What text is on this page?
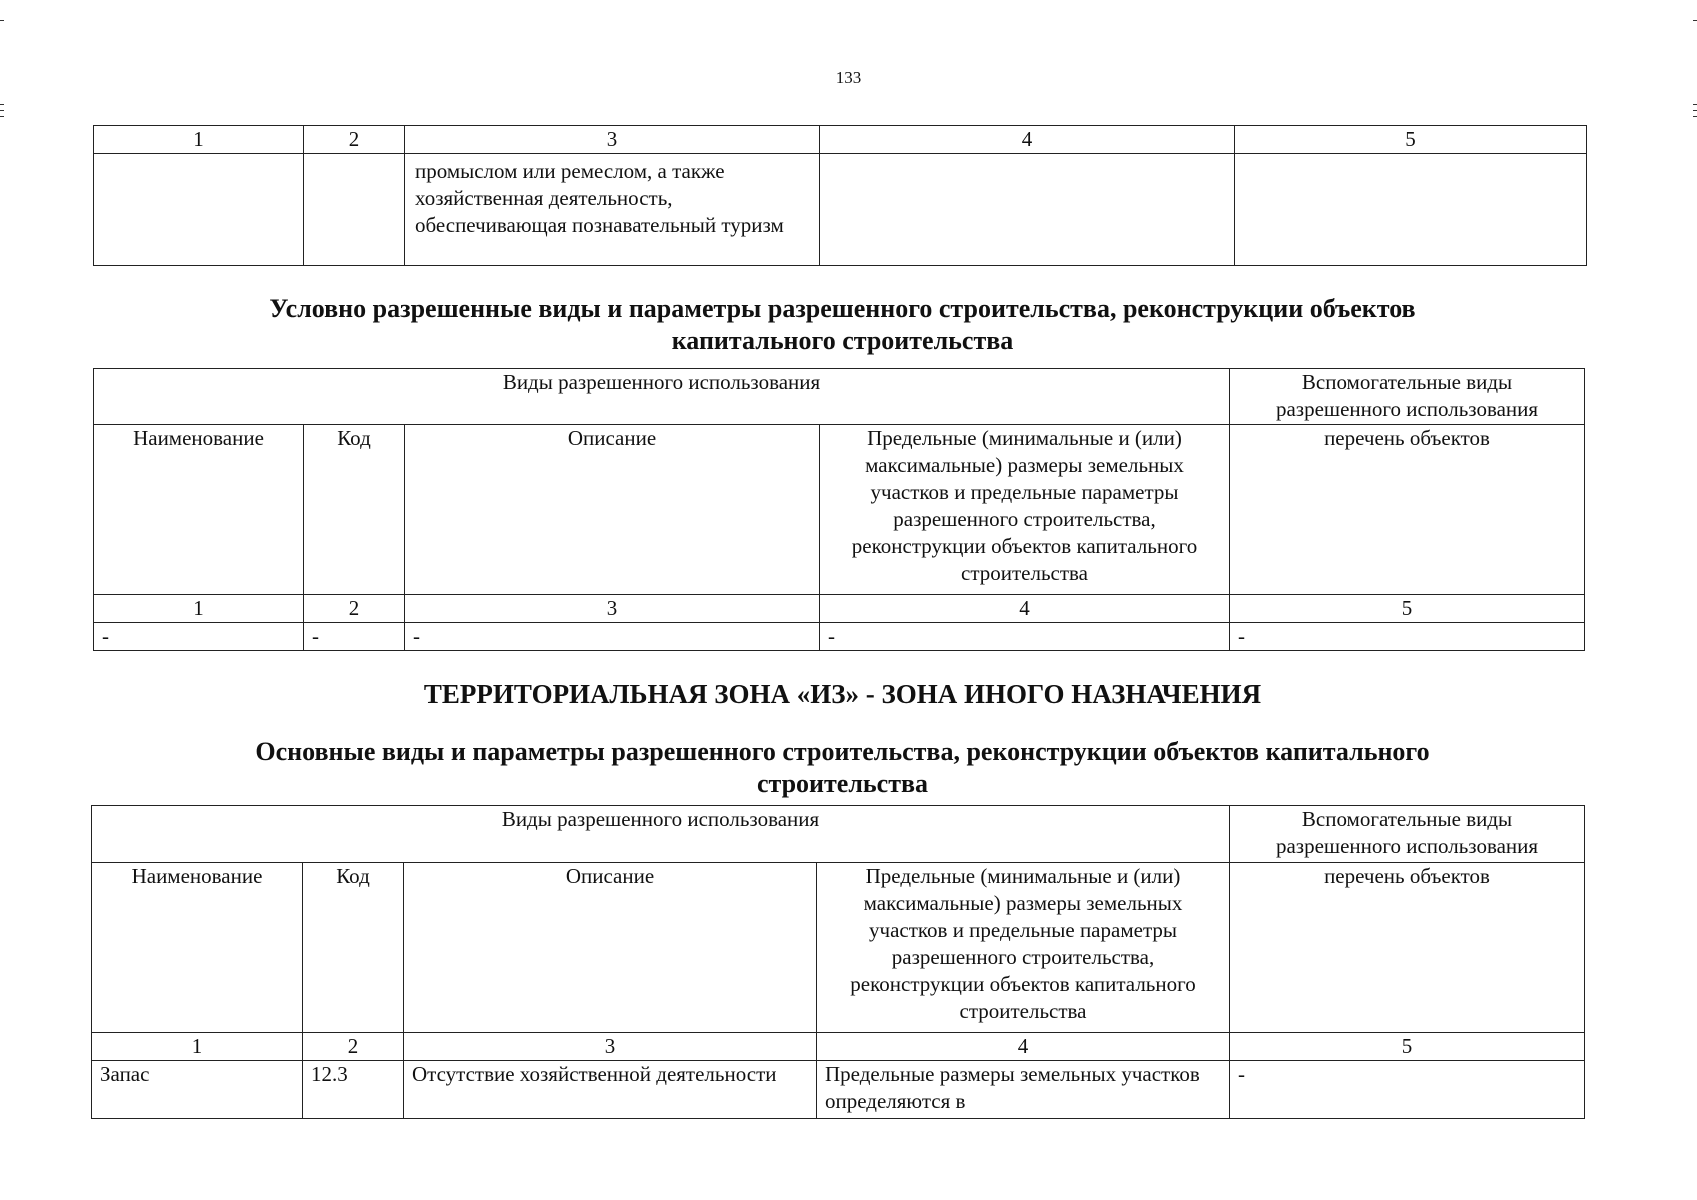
133
1	2	3	4	5
		промыслом или ремеслом, а также хозяйственная деятельность, обеспечивающая познавательный туризм		
Условно разрешенные виды и параметры разрешенного строительства, реконструкции объектов
капитального строительства
Виды разрешенного использования				Вспомогательные виды разрешенного использования
Наименование	Код	Описание	Предельные (минимальные и (или) максимальные) размеры земельных участков и предельные параметры разрешенного строительства, реконструкции объектов капитального строительства	перечень объектов
1	2	3	4	5
-	-	-	-	-
ТЕРРИТОРИАЛЬНАЯ ЗОНА «ИЗ» - ЗОНА ИНОГО НАЗНАЧЕНИЯ
Основные виды и параметры разрешенного строительства, реконструкции объектов капитального
строительства
Виды разрешенного использования				Вспомогательные виды разрешенного использования
Наименование	Код	Описание	Предельные (минимальные и (или) максимальные) размеры земельных участков и предельные параметры разрешенного строительства, реконструкции объектов капитального строительства	перечень объектов
1	2	3	4	5
Запас	12.3	Отсутствие хозяйственной деятельности	Предельные размеры земельных участков определяются в	-
